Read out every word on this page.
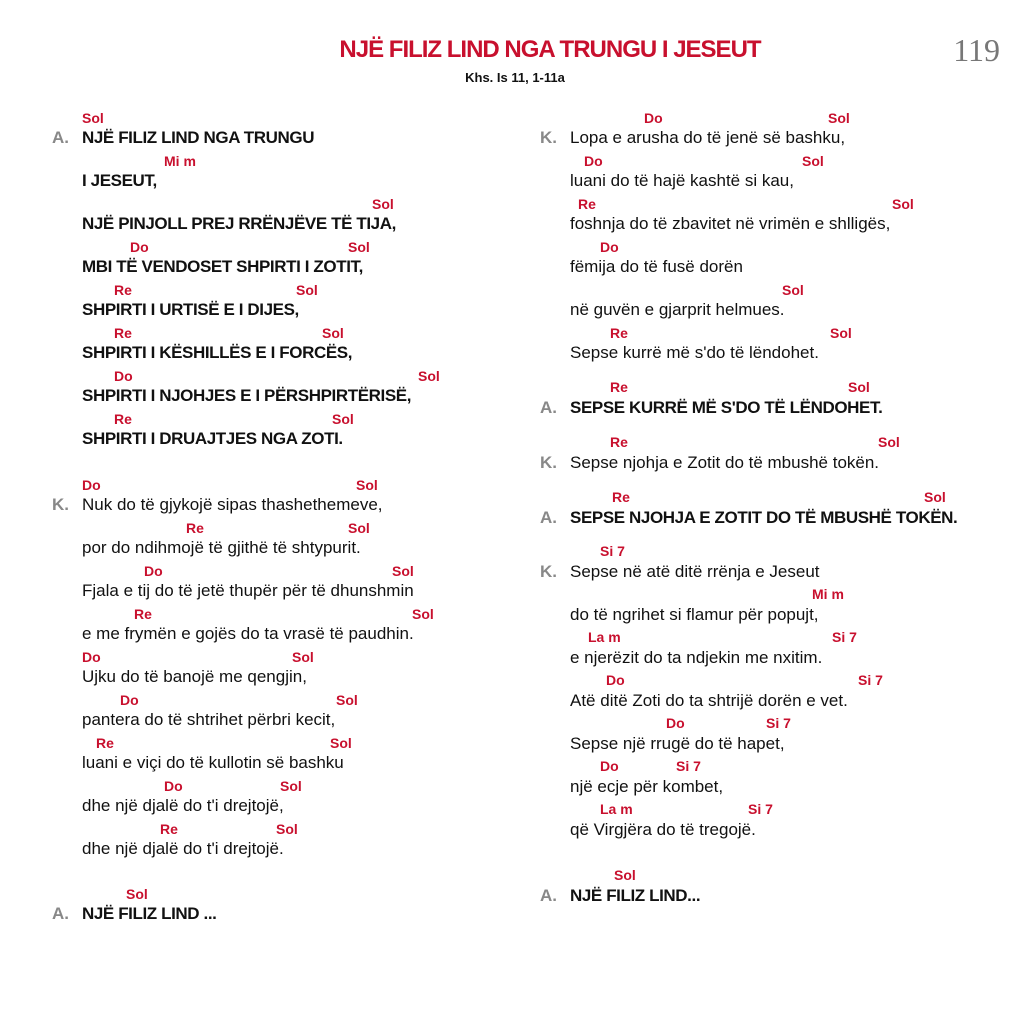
NJË FILIZ LIND NGA TRUNGU I JESEUT
Khs. Is 11, 1-11a
119
Sol
A. NJË FILIZ LIND NGA TRUNGU
Mi m
I JESEUT,
Sol
NJË PINJOLL PREJ RRËNJËVE TË TIJA,
Do	Sol
MBI TË VENDOSET SHPIRTI I ZOTIT,
Re	Sol
SHPIRTI I URTISË E I DIJES,
Re	Sol
SHPIRTI I KËSHILLËS E I FORCËS,
Do	Sol
SHPIRTI I NJOHJES E I PËRSHPIRTËRISË,
Re	Sol
SHPIRTI I DRUAJTJES NGA ZOTI.
Do	Sol
K. Nuk do të gjykojë sipas thashethemeve,
Re	Sol
por do ndihmojë të gjithë të shtypurit.
Do	Sol
Fjala e tij do të jetë thupër për të dhunshmin
Re	Sol
e me frymën e gojës do ta vrasë të paudhin.
Do	Sol
Ujku do të banojë me qengjin,
Do	Sol
pantera do të shtrihet përbri kecit,
Re	Sol
luani e viçi do të kullotin së bashku
Do	Sol
dhe një djalë do t'i drejtojë,
Re	Sol
dhe një djalë do t'i drejtojë.
Sol
A. NJË FILIZ LIND ...
Do	Sol
K. Lopa e arusha do të jenë së bashku,
Do	Sol
luani do të hajë kashtë si kau,
Re	Sol
foshnja do të zbavitet në vrimën e shlligës,
Do
fëmija do të fusë dorën
Sol
në guvën e gjarprit helmues.
Re	Sol
Sepse kurrë më s'do të lëndohet.
Re	Sol
A. SEPSE KURRË MË S'DO TË LËNDOHET.
Re	Sol
K. Sepse njohja e Zotit do të mbushë tokën.
Re	Sol
A. SEPSE NJOHJA E ZOTIT DO TË MBUSHË TOKËN.
Si 7
K. Sepse në atë ditë rrënja e Jeseut
Mi m
do të ngrihet si flamur për popujt,
La m	Si 7
e njerëzit do ta ndjekin me nxitim.
Do	Si 7
Atë ditë Zoti do ta shtrijë dorën e vet.
Do	Si 7
Sepse një rrugë do të hapet,
Do	Si 7
një ecje për kombet,
La m	Si 7
që Virgjëra do të tregojë.
Sol
A. NJË FILIZ LIND...
